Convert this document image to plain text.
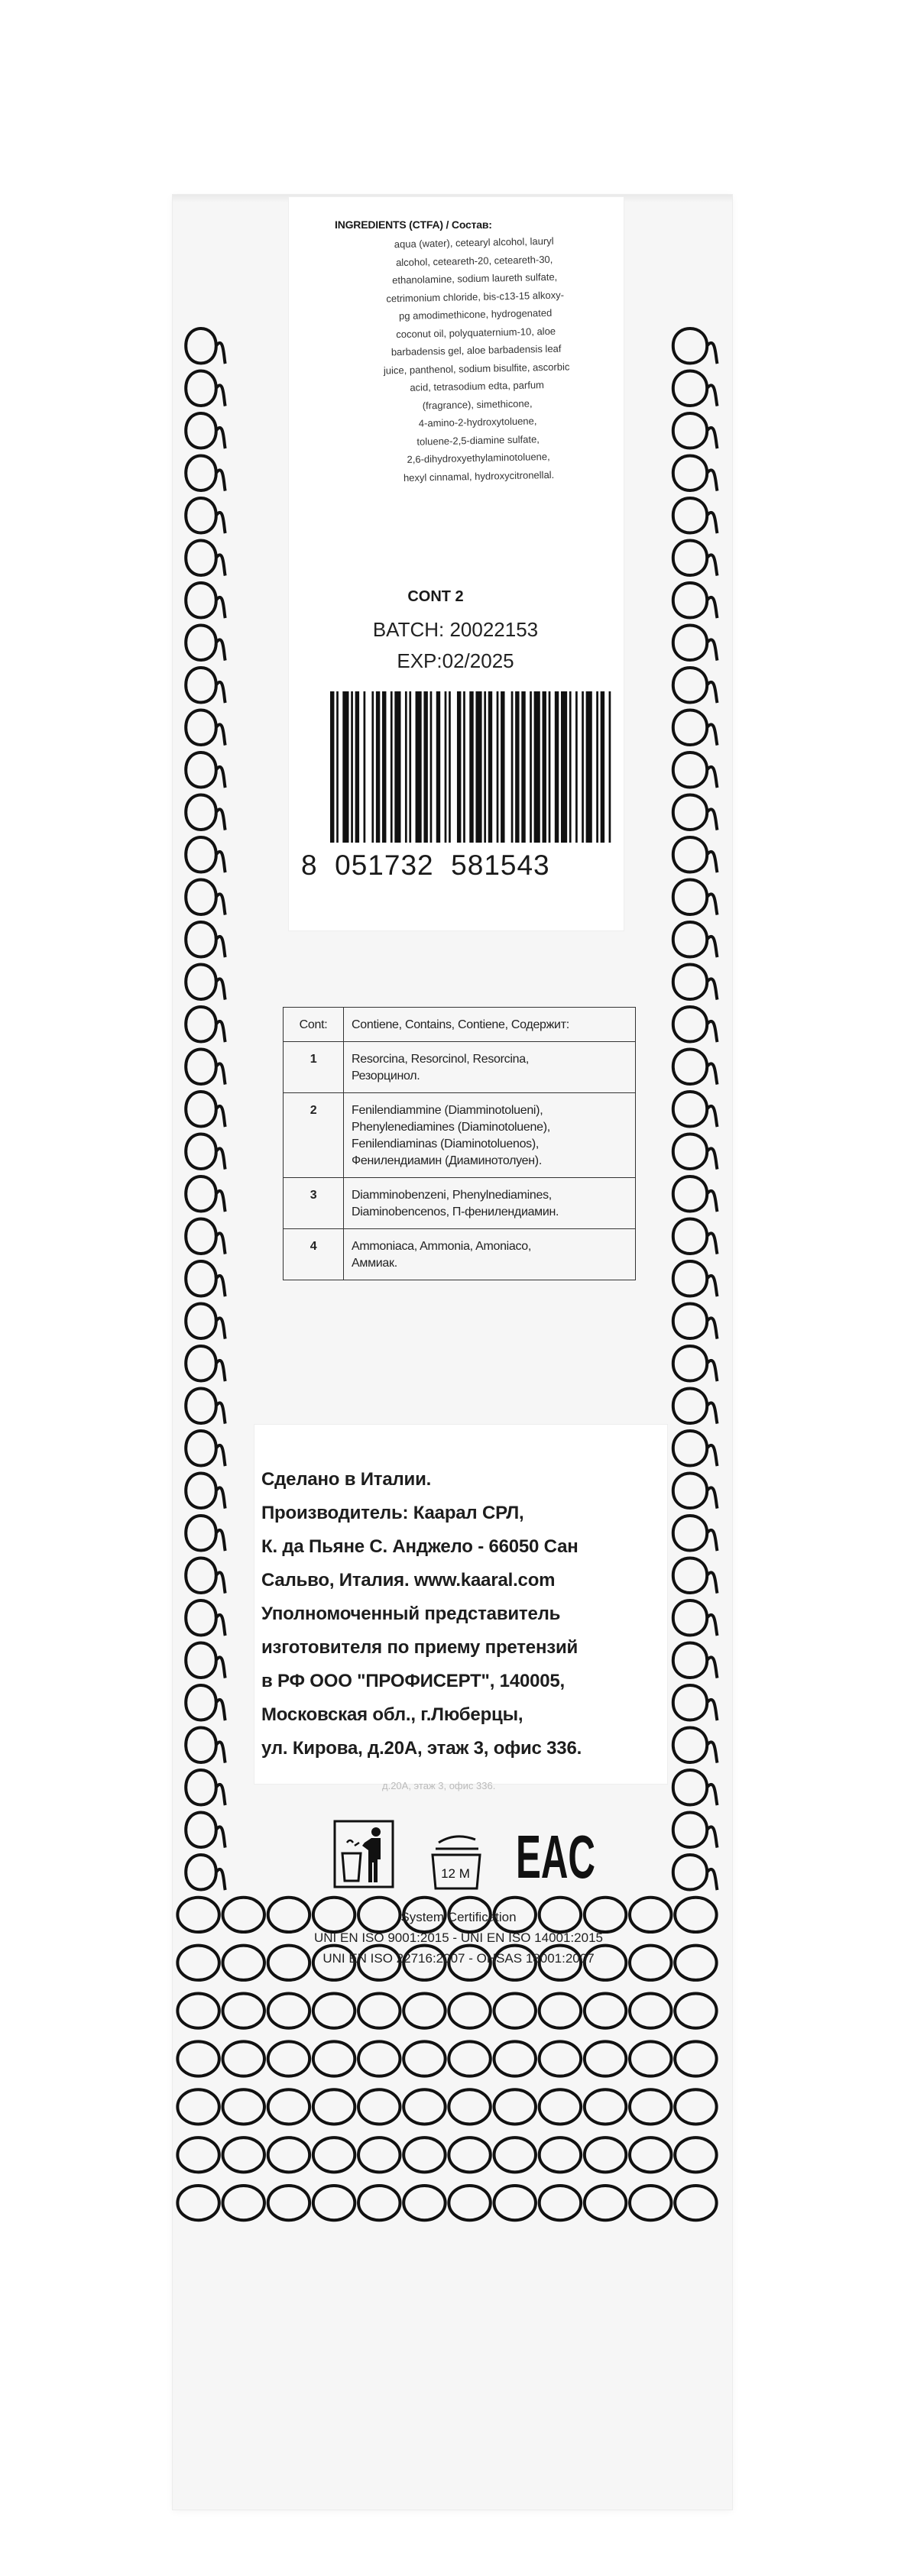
INGREDIENTS (CTFA) / Состав:
aqua (water), cetearyl alcohol, lauryl
alcohol, ceteareth-20, ceteareth-30,
ethanolamine, sodium laureth sulfate,
cetrimonium chloride, bis-c13-15 alkoxy-
pg amodimethicone, hydrogenated
coconut oil, polyquaternium-10, aloe
barbadensis gel, aloe barbadensis leaf
juice, panthenol, sodium bisulfite, ascorbic
acid, tetrasodium edta, parfum
(fragrance), simethicone,
4-amino-2-hydroxytoluene,
toluene-2,5-diamine sulfate,
2,6-dihydroxyethylaminotoluene,
hexyl cinnamal, hydroxycitronellal.
CONT 2
BATCH: 20022153
EXP:02/2025
8  051732  581543
Cont:	Contiene, Contains, Contiene, Содержит:
1	Resorcina, Resorcinol, Resorcina,
Резорцинол.

2	Fenilendiammine (Diamminotolueni),
Phenylenediamines (Diaminotoluene),
Fenilendiaminas (Diaminotoluenos),
Фенилендиамин (Диаминотолуен).

3	Diamminobenzeni, Phenylnediamines,
Diaminobencenos, П-фенилендиамин.

4	Ammoniaca, Ammonia, Amoniaco,
Аммиак.
Сделано в Италии.
Производитель: Каарал СРЛ,
К. да Пьяне С. Анджело - 66050 Сан
Сальво, Италия. www.kaaral.com
Уполномоченный представитель
изготовителя по приему претензий
в РФ ООО "ПРОФИСЕРТ", 140005,
Московская обл., г.Люберцы,
ул. Кирова, д.20А, этаж 3, офис 336.
д.20А, этаж 3, офис 336.
12 M EAC
System Certification
UNI EN ISO 9001:2015 - UNI EN ISO 14001:2015
UNI EN ISO 22716:2007 - OHSAS 18001:2007
